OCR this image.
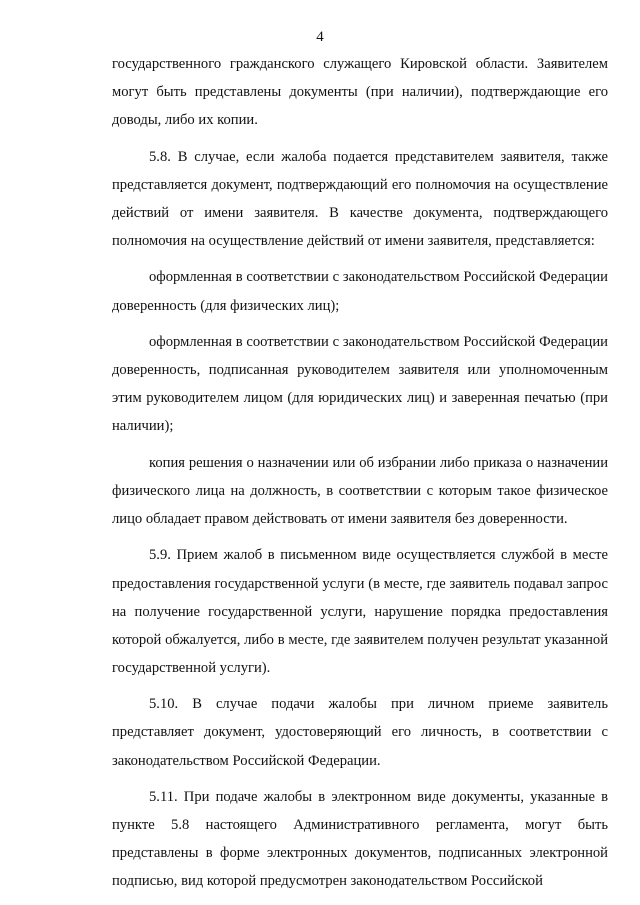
4

государственного гражданского служащего Кировской области. Заявителем могут быть представлены документы (при наличии), подтверждающие его доводы, либо их копии.

5.8. В случае, если жалоба подается представителем заявителя, также представляется документ, подтверждающий его полномочия на осуществление действий от имени заявителя. В качестве документа, подтверждающего полномочия на осуществление действий от имени заявителя, представляется:

оформленная в соответствии с законодательством Российской Федерации доверенность (для физических лиц);

оформленная в соответствии с законодательством Российской Федерации доверенность, подписанная руководителем заявителя или уполномоченным этим руководителем лицом (для юридических лиц) и заверенная печатью (при наличии);

копия решения о назначении или об избрании либо приказа о назначении физического лица на должность, в соответствии с которым такое физическое лицо обладает правом действовать от имени заявителя без доверенности.

5.9. Прием жалоб в письменном виде осуществляется службой в месте предоставления государственной услуги (в месте, где заявитель подавал запрос на получение государственной услуги, нарушение порядка предоставления которой обжалуется, либо в месте, где заявителем получен результат указанной государственной услуги).

5.10. В случае подачи жалобы при личном приеме заявитель представляет документ, удостоверяющий его личность, в соответствии с законодательством Российской Федерации.

5.11. При подаче жалобы в электронном виде документы, указанные в пункте 5.8 настоящего Административного регламента, могут быть представлены в форме электронных документов, подписанных электронной подписью, вид которой предусмотрен законодательством Российской
